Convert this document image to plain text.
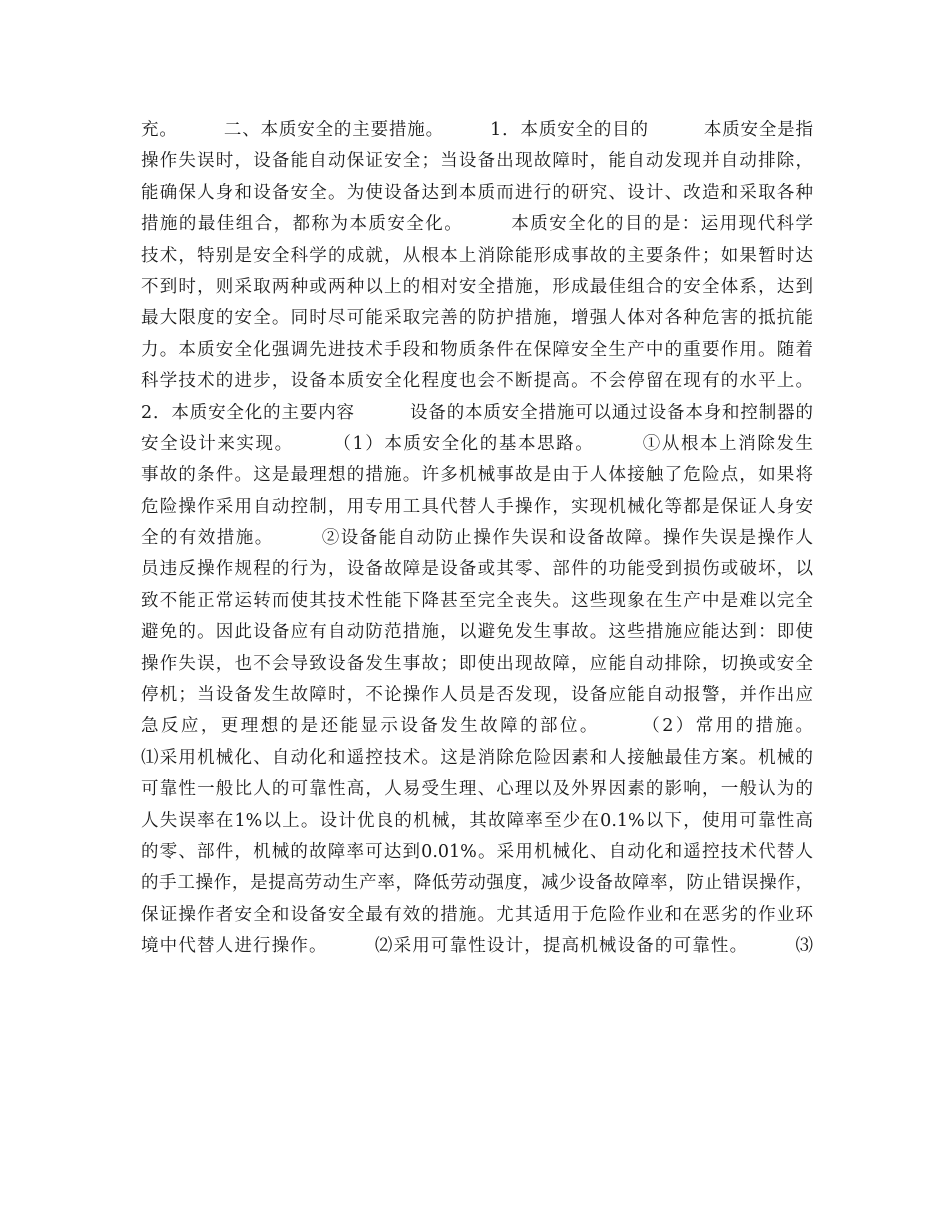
充。　　　二、本质安全的主要措施。　　　1．本质安全的目的　　　本质安全是指
操作失误时，设备能自动保证安全；当设备出现故障时，能自动发现并自动排除，
能确保人身和设备安全。为使设备达到本质而进行的研究、设计、改造和采取各种
措施的最佳组合，都称为本质安全化。　　　本质安全化的目的是：运用现代科学
技术，特别是安全科学的成就，从根本上消除能形成事故的主要条件；如果暂时达
不到时，则采取两种或两种以上的相对安全措施，形成最佳组合的安全体系，达到
最大限度的安全。同时尽可能采取完善的防护措施，增强人体对各种危害的抵抗能
力。本质安全化强调先进技术手段和物质条件在保障安全生产中的重要作用。随着
科学技术的进步，设备本质安全化程度也会不断提高。不会停留在现有的水平上。
2．本质安全化的主要内容　　　设备的本质安全措施可以通过设备本身和控制器的
安全设计来实现。　　　（1）本质安全化的基本思路。　　　①从根本上消除发生
事故的条件。这是最理想的措施。许多机械事故是由于人体接触了危险点，如果将
危险操作采用自动控制，用专用工具代替人手操作，实现机械化等都是保证人身安
全的有效措施。　　　②设备能自动防止操作失误和设备故障。操作失误是操作人
员违反操作规程的行为，设备故障是设备或其零、部件的功能受到损伤或破坏，以
致不能正常运转而使其技术性能下降甚至完全丧失。这些现象在生产中是难以完全
避免的。因此设备应有自动防范措施，以避免发生事故。这些措施应能达到：即使
操作失误，也不会导致设备发生事故；即使出现故障，应能自动排除，切换或安全
停机；当设备发生故障时，不论操作人员是否发现，设备应能自动报警，并作出应
急反应，更理想的是还能显示设备发生故障的部位。　　　（2）常用的措施。
⑴采用机械化、自动化和遥控技术。这是消除危险因素和人接触最佳方案。机械的
可靠性一般比人的可靠性高，人易受生理、心理以及外界因素的影响，一般认为的
人失误率在1%以上。设计优良的机械，其故障率至少在0.1%以下，使用可靠性高
的零、部件，机械的故障率可达到0.01%。采用机械化、自动化和遥控技术代替人
的手工操作，是提高劳动生产率，降低劳动强度，减少设备故障率，防止错误操作，
保证操作者安全和设备安全最有效的措施。尤其适用于危险作业和在恶劣的作业环
境中代替人进行操作。　　　⑵采用可靠性设计，提高机械设备的可靠性。　　　⑶
